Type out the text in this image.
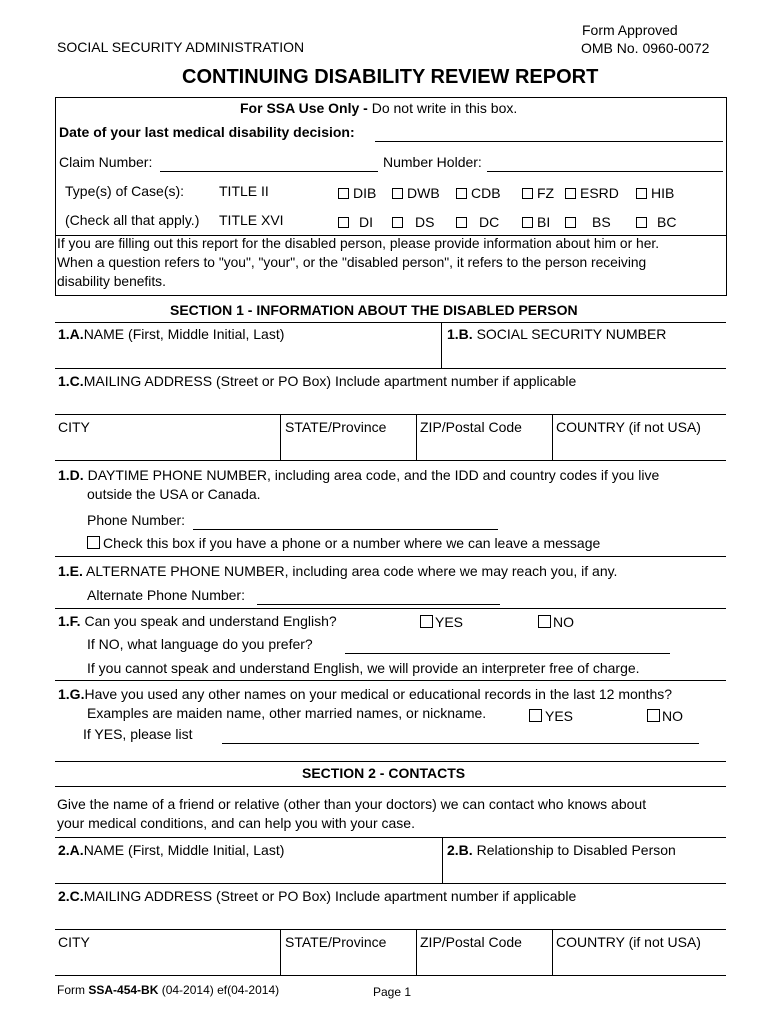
SOCIAL SECURITY ADMINISTRATION
Form Approved
OMB No. 0960-0072
CONTINUING DISABILITY REVIEW REPORT
For SSA Use Only - Do not write in this box.
Date of your last medical disability decision:
Claim Number:	Number Holder:
Type(s) of Case(s): TITLE II
(Check all that apply.) TITLE XVI
DIB	DWB	CDB	FZ	ESRD	HIB
DI	DS	DC	BI	BS	BC
If you are filling out this report for the disabled person, please provide information about him or her.
When a question refers to "you", "your", or the "disabled person", it refers to the person receiving
disability benefits.
SECTION 1 - INFORMATION ABOUT THE DISABLED PERSON
1.A.NAME (First, Middle Initial, Last)	1.B. SOCIAL SECURITY NUMBER
1.C.MAILING ADDRESS (Street or PO Box) Include apartment number if applicable
CITY	STATE/Province ZIP/Postal Code COUNTRY (if not USA)
1.D. DAYTIME PHONE NUMBER, including area code, and the IDD and country codes if you live
outside the USA or Canada.
Phone Number:
Check this box if you have a phone or a number where we can leave a message
1.E. ALTERNATE PHONE NUMBER, including area code where we may reach you, if any.
Alternate Phone Number:
1.F. Can you speak and understand English?	YES	NO
If NO, what language do you prefer?
If you cannot speak and understand English, we will provide an interpreter free of charge.
1.G.Have you used any other names on your medical or educational records in the last 12 months?
Examples are maiden name, other married names, or nickname.	YES	NO
If YES, please list
SECTION 2 - CONTACTS
Give the name of a friend or relative (other than your doctors) we can contact who knows about
your medical conditions, and can help you with your case.
2.A.NAME (First, Middle Initial, Last)	2.B. Relationship to Disabled Person
2.C.MAILING ADDRESS (Street or PO Box) Include apartment number if applicable
CITY	STATE/Province ZIP/Postal Code COUNTRY (if not USA)
Form SSA-454-BK (04-2014) ef(04-2014)	Page 1
